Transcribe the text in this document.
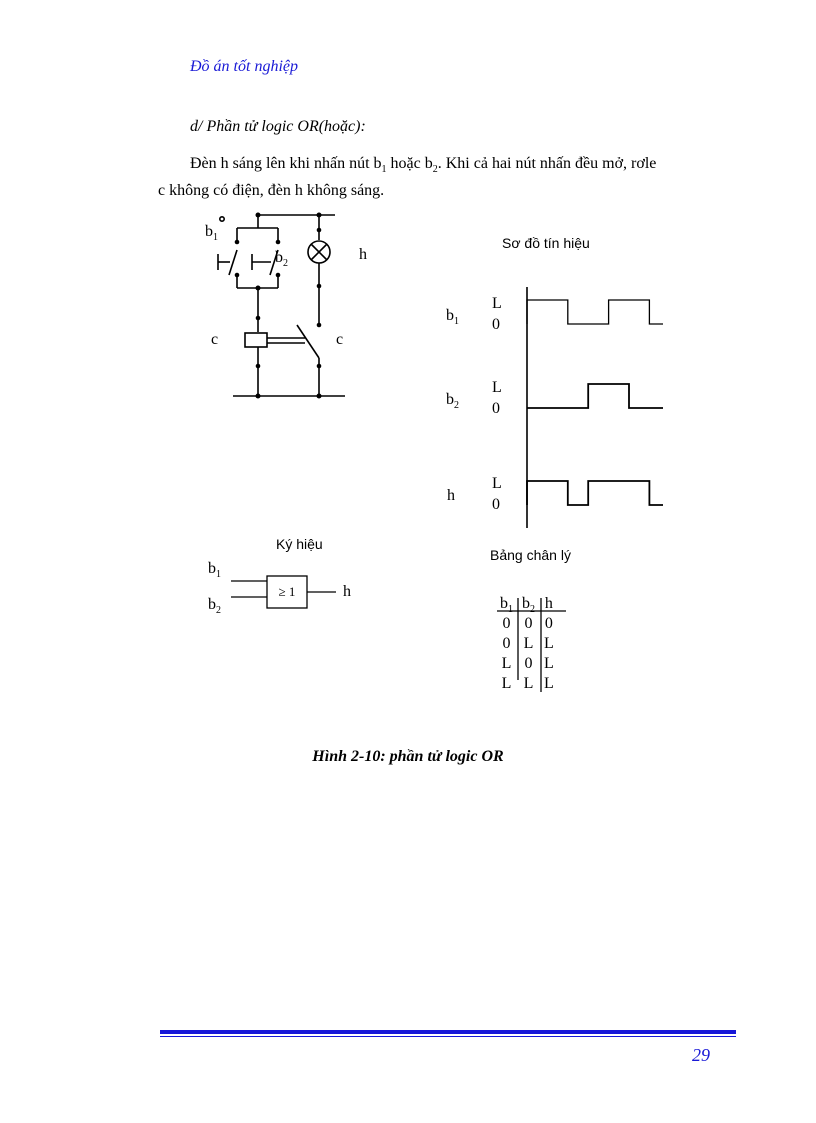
Đồ án tốt nghiệp
d/ Phần tử logic OR(hoặc):
Đèn h sáng lên khi nhấn nút $b_1$ hoặc $b_2$. Khi cả hai nút nhấn đều mở, rơle
c không có điện, đèn h không sáng.
$b_1$
$b_2$
h
c	c
Sơ đồ tín hiệu
$b_1$
$b_2$
h
L
0
L
0
L
0
Ký hiệu
$b_1$
$b_2$
≥ 1	h
Bảng chân lý
$b_1$	$b_2$	h
0	0	0
0	L	L
L	0	L
L	L	L
Hình 2-10: phần tử logic OR
29
